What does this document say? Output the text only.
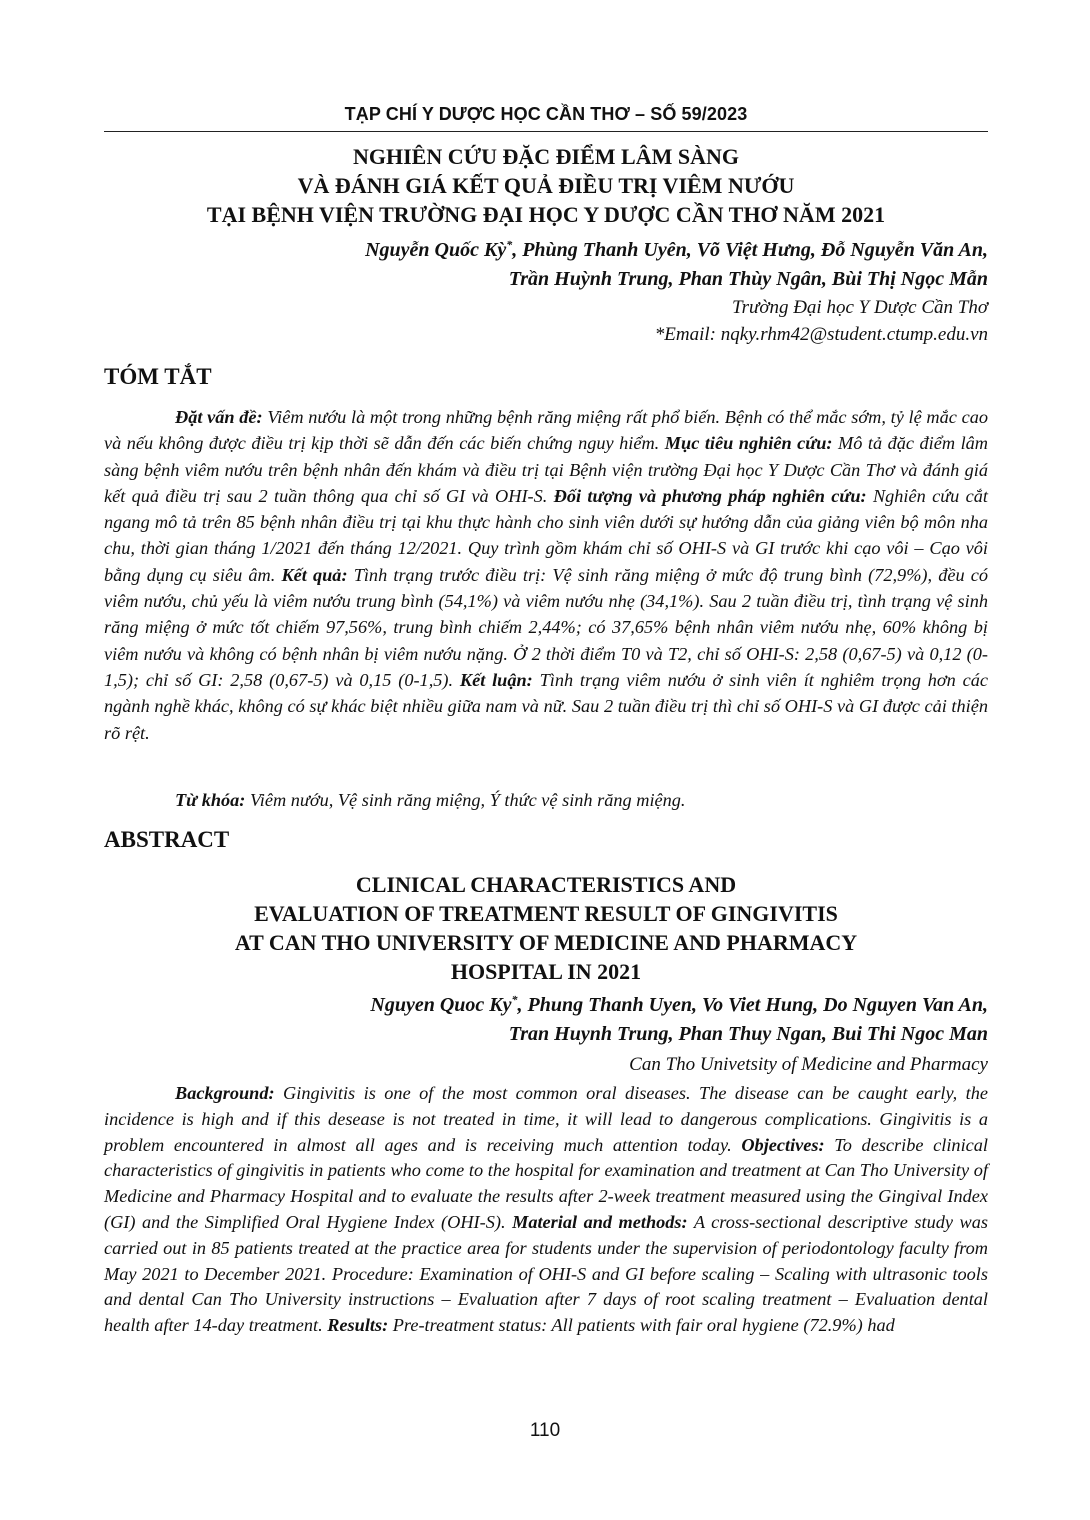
TẠP CHÍ Y DƯỢC HỌC CẦN THƠ – SỐ 59/2023
NGHIÊN CỨU ĐẶC ĐIỂM LÂM SÀNG
VÀ ĐÁNH GIÁ KẾT QUẢ ĐIỀU TRỊ VIÊM NƯỚU
TẠI BỆNH VIỆN TRƯỜNG ĐẠI HỌC Y DƯỢC CẦN THƠ NĂM 2021
Nguyễn Quốc Kỳ*, Phùng Thanh Uyên, Võ Việt Hưng, Đỗ Nguyễn Văn An,
Trần Huỳnh Trung, Phan Thùy Ngân, Bùi Thị Ngọc Mẫn
Trường Đại học Y Dược Cần Thơ
*Email: nqky.rhm42@student.ctump.edu.vn
TÓM TẮT

Đặt vấn đề: Viêm nướu là một trong những bệnh răng miệng rất phổ biến. Bệnh có thể mắc sớm, tỷ lệ mắc cao và nếu không được điều trị kịp thời sẽ dẫn đến các biến chứng nguy hiểm. Mục tiêu nghiên cứu: Mô tả đặc điểm lâm sàng bệnh viêm nướu trên bệnh nhân đến khám và điều trị tại Bệnh viện trường Đại học Y Dược Cần Thơ và đánh giá kết quả điều trị sau 2 tuần thông qua chỉ số GI và OHI-S. Đối tượng và phương pháp nghiên cứu: Nghiên cứu cắt ngang mô tả trên 85 bệnh nhân điều trị tại khu thực hành cho sinh viên dưới sự hướng dẫn của giảng viên bộ môn nha chu, thời gian tháng 1/2021 đến tháng 12/2021. Quy trình gồm khám chỉ số OHI-S và GI trước khi cạo vôi – Cạo vôi bằng dụng cụ siêu âm. Kết quả: Tình trạng trước điều trị: Vệ sinh răng miệng ở mức độ trung bình (72,9%), đều có viêm nướu, chủ yếu là viêm nướu trung bình (54,1%) và viêm nướu nhẹ (34,1%). Sau 2 tuần điều trị, tình trạng vệ sinh răng miệng ở mức tốt chiếm 97,56%, trung bình chiếm 2,44%; có 37,65% bệnh nhân viêm nướu nhẹ, 60% không bị viêm nướu và không có bệnh nhân bị viêm nướu nặng. Ở 2 thời điểm T0 và T2, chỉ số OHI-S: 2,58 (0,67-5) và 0,12 (0-1,5); chỉ số GI: 2,58 (0,67-5) và 0,15 (0-1,5). Kết luận: Tình trạng viêm nướu ở sinh viên ít nghiêm trọng hơn các ngành nghề khác, không có sự khác biệt nhiều giữa nam và nữ. Sau 2 tuần điều trị thì chỉ số OHI-S và GI được cải thiện rõ rệt.

Từ khóa: Viêm nướu, Vệ sinh răng miệng, Ý thức vệ sinh răng miệng.
ABSTRACT
CLINICAL CHARACTERISTICS AND
EVALUATION OF TREATMENT RESULT OF GINGIVITIS
AT CAN THO UNIVERSITY OF MEDICINE AND PHARMACY
HOSPITAL IN 2021
Nguyen Quoc Ky*, Phung Thanh Uyen, Vo Viet Hung, Do Nguyen Van An,
Tran Huynh Trung, Phan Thuy Ngan, Bui Thi Ngoc Man
Can Tho Univetsity of Medicine and Pharmacy

Background: Gingivitis is one of the most common oral diseases. The disease can be caught early, the incidence is high and if this desease is not treated in time, it will lead to dangerous complications. Gingivitis is a problem encountered in almost all ages and is receiving much attention today. Objectives: To describe clinical characteristics of gingivitis in patients who come to the hospital for examination and treatment at Can Tho University of Medicine and Pharmacy Hospital and to evaluate the results after 2-week treatment measured using the Gingival Index (GI) and the Simplified Oral Hygiene Index (OHI-S). Material and methods: A cross-sectional descriptive study was carried out in 85 patients treated at the practice area for students under the supervision of periodontology faculty from May 2021 to December 2021. Procedure: Examination of OHI-S and GI before scaling – Scaling with ultrasonic tools and dental Can Tho University instructions – Evaluation after 7 days of root scaling treatment – Evaluation dental health after 14-day treatment. Results: Pre-treatment status: All patients with fair oral hygiene (72.9%) had

110
